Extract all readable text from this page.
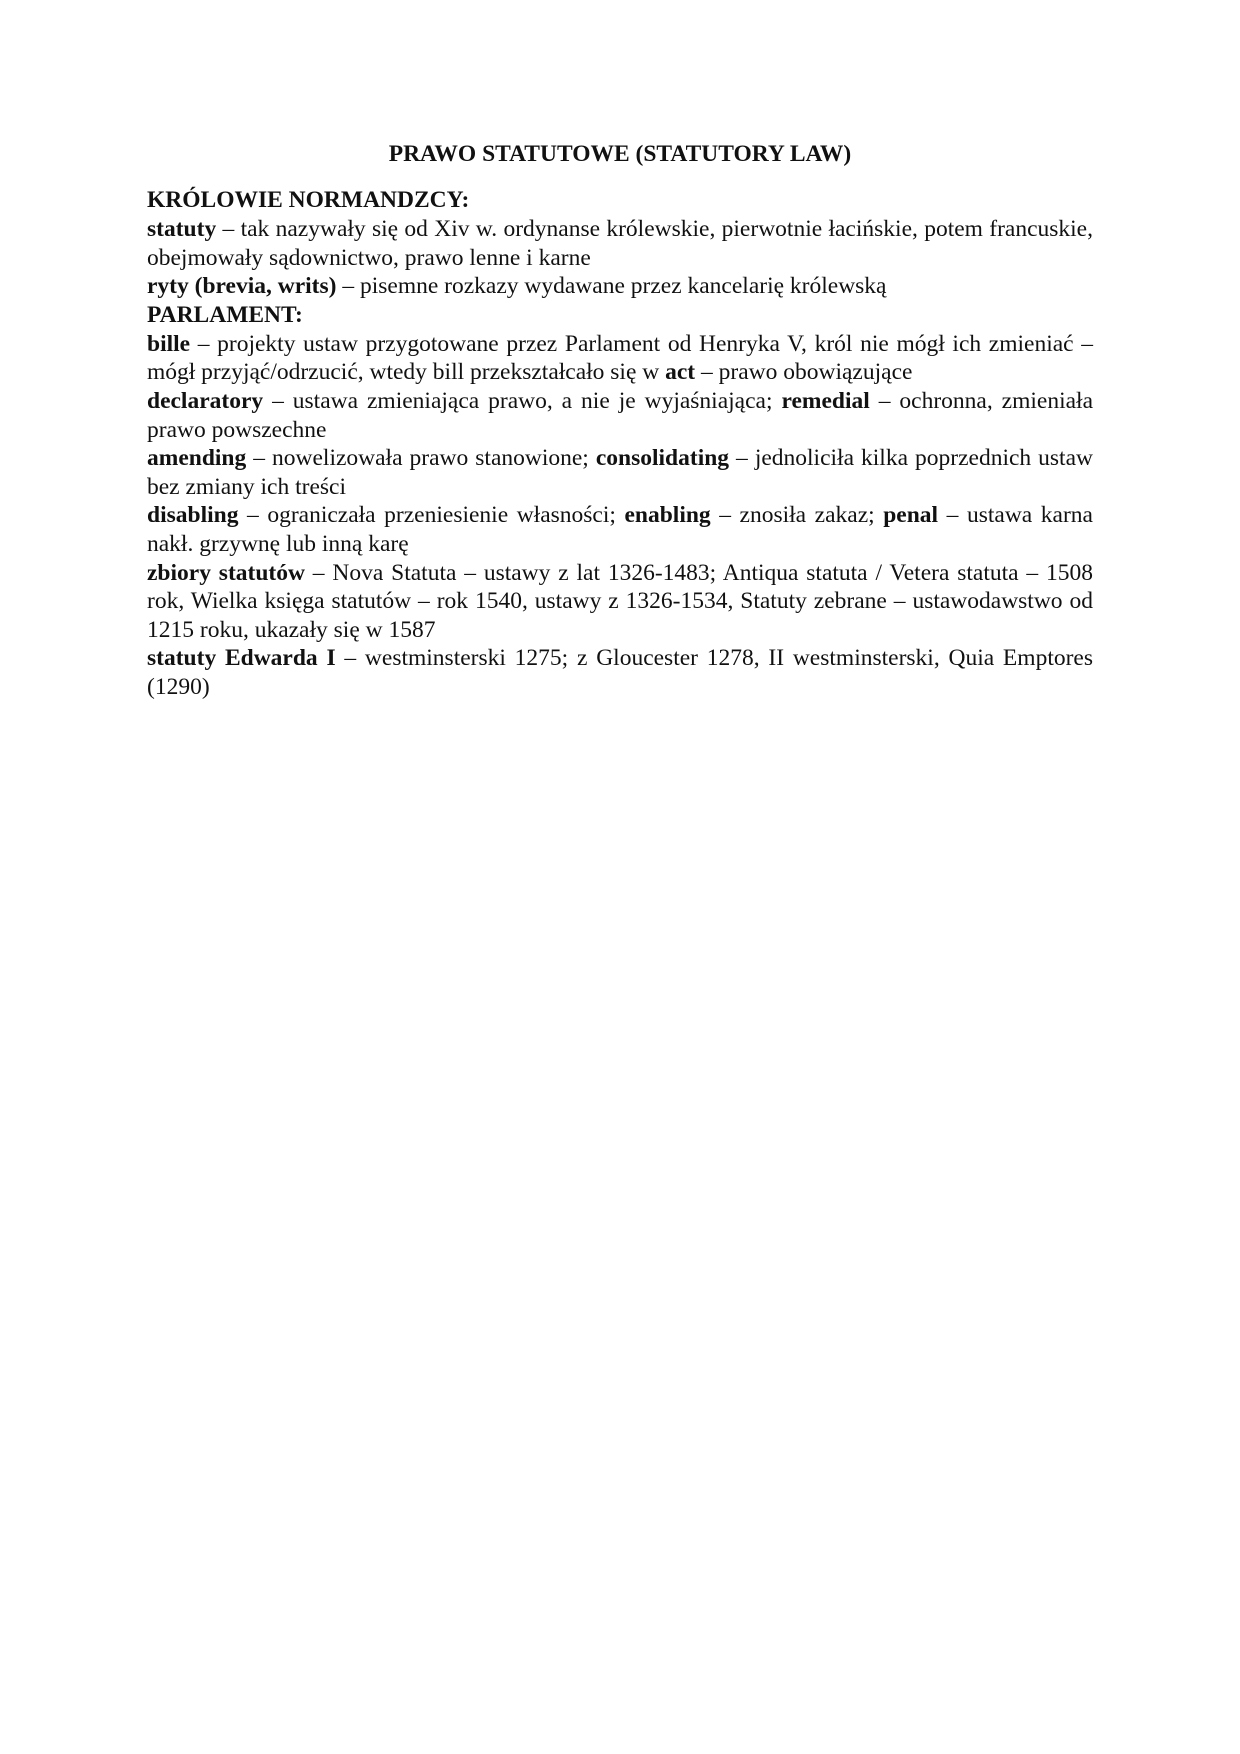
PRAWO STATUTOWE (STATUTORY LAW)
KRÓLOWIE NORMANDZCY:

statuty – tak nazywały się od Xiv w. ordynanse królewskie, pierwotnie łacińskie, potem francuskie, obejmowały sądownictwo, prawo lenne i karne

ryty (brevia, writs) – pisemne rozkazy wydawane przez kancelarię królewską

PARLAMENT:

bille – projekty ustaw przygotowane przez Parlament od Henryka V, król nie mógł ich zmieniać – mógł przyjąć/odrzucić, wtedy bill przekształcało się w act – prawo obowiązujące

declaratory – ustawa zmieniająca prawo, a nie je wyjaśniająca; remedial – ochronna, zmieniała prawo powszechne

amending – nowelizowała prawo stanowione; consolidating – jednoliciła kilka poprzednich ustaw bez zmiany ich treści

disabling – ograniczała przeniesienie własności; enabling – znosiła zakaz; penal – ustawa karna nakł. grzywnę lub inną karę

zbiory statutów – Nova Statuta – ustawy z lat 1326-1483; Antiqua statuta / Vetera statuta – 1508 rok, Wielka księga statutów – rok 1540, ustawy z 1326-1534, Statuty zebrane – ustawodawstwo od 1215 roku, ukazały się w 1587

statuty Edwarda I – westminsterski 1275; z Gloucester 1278, II westminsterski, Quia Emptores (1290)
